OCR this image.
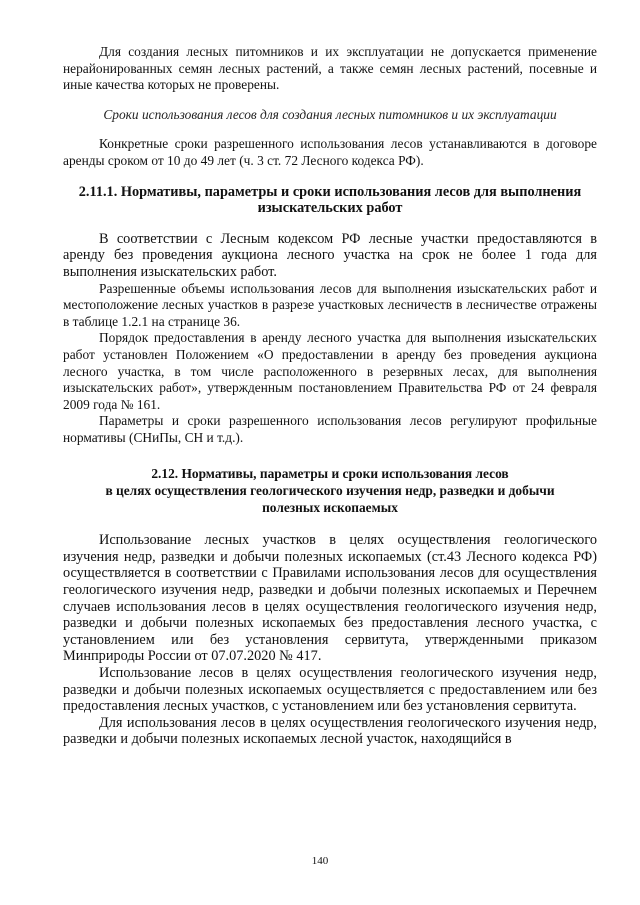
Для создания лесных питомников и их эксплуатации не допускается применение нерайонированных семян лесных растений, а также семян лесных растений, посевные и иные качества которых не проверены.

Сроки использования лесов для создания лесных питомников и их эксплуатации

Конкретные сроки разрешенного использования лесов устанавливаются в договоре аренды сроком от 10 до 49 лет (ч. 3 ст. 72 Лесного кодекса РФ).

2.11.1. Нормативы, параметры и сроки использования лесов для выполнения изыскательских работ

В соответствии с Лесным кодексом РФ лесные участки предоставляются в аренду без проведения аукциона лесного участка на срок не более 1 года для выполнения изыскательских работ.

Разрешенные объемы использования лесов для выполнения изыскательских работ и местоположение лесных участков в разрезе участковых лесничеств в лесничестве отражены в таблице 1.2.1 на странице 36.

Порядок предоставления в аренду лесного участка для выполнения изыскательских работ установлен Положением «О предоставлении в аренду без проведения аукциона лесного участка, в том числе расположенного в резервных лесах, для выполнения изыскательских работ», утвержденным постановлением Правительства РФ от 24 февраля 2009 года № 161.

Параметры и сроки разрешенного использования лесов регулируют профильные нормативы (СНиПы, СН и т.д.).

2.12. Нормативы, параметры и сроки использования лесов

в целях осуществления геологического изучения недр, разведки и добычи

полезных ископаемых

Использование лесных участков в целях осуществления геологического изучения недр, разведки и добычи полезных ископаемых (ст.43 Лесного кодекса РФ) осуществляется в соответствии с Правилами использования лесов для осуществления геологического изучения недр, разведки и добычи полезных ископаемых и Перечнем случаев использования лесов в целях осуществления геологического изучения недр, разведки и добычи полезных ископаемых без предоставления лесного участка, с установлением или без установления сервитута, утвержденными приказом Минприроды России от 07.07.2020 № 417.

Использование лесов в целях осуществления геологического изучения недр, разведки и добычи полезных ископаемых осуществляется с предоставлением или без предоставления лесных участков, с установлением или без установления сервитута.

Для использования лесов в целях осуществления геологического изучения недр, разведки и добычи полезных ископаемых лесной участок, находящийся в

140
